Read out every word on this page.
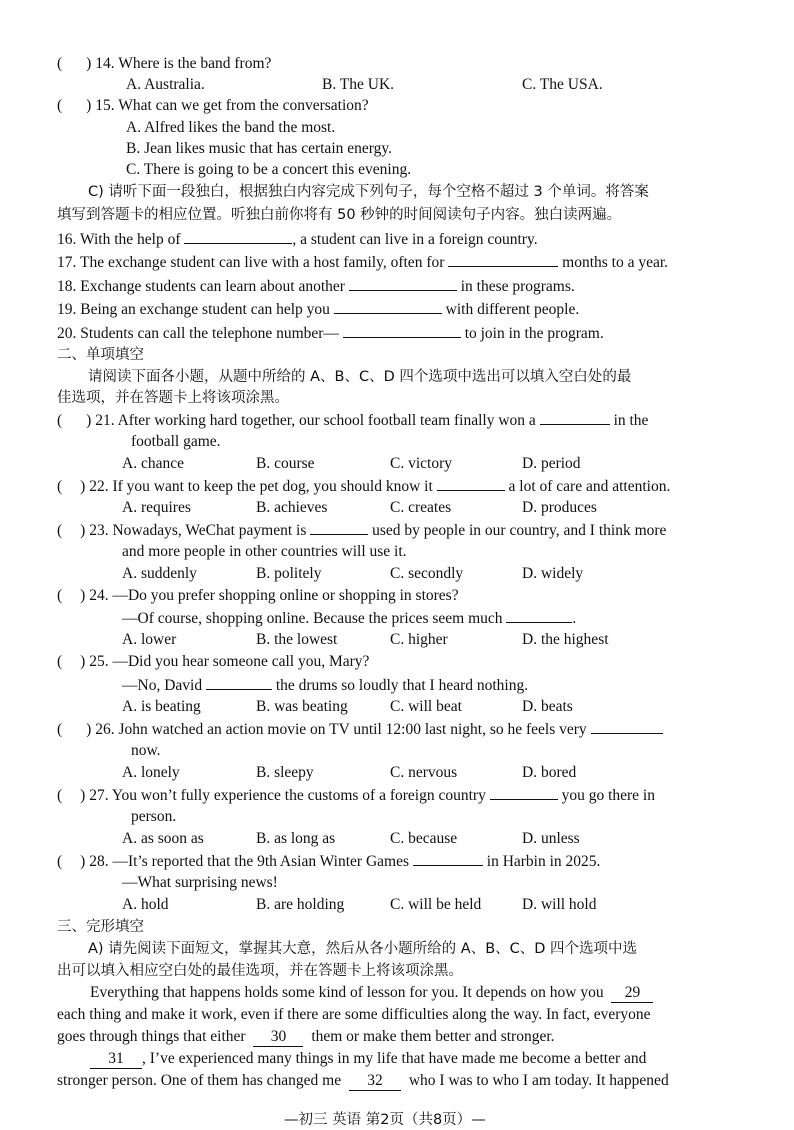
( ) 14. Where is the band from?
A. Australia.	B. The UK.	C. The USA.
( ) 15. What can we get from the conversation?
A. Alfred likes the band the most.
B. Jean likes music that has certain energy.
C. There is going to be a concert this evening.
C) 请听下面一段独白，根据独白内容完成下列句子，每个空格不超过 3 个单词。将答案
填写到答题卡的相应位置。听独白前你将有 50 秒钟的时间阅读句子内容。独白读两遍。
16. With the help of	, a student can live in a foreign country.
17. The exchange student can live with a host family, often for	months to a year.
18. Exchange students can learn about another	in these programs.
19. Being an exchange student can help you	with different people.
20. Students can call the telephone number—	to join in the program.
二、单项填空
请阅读下面各小题，从题中所给的 A、B、C、D 四个选项中选出可以填入空白处的最
佳选项，并在答题卡上将该项涂黑。
( ) 21. After working hard together, our school football team finally won a	in the
football game.
A. chance	B. course	C. victory	D. period
( ) 22. If you want to keep the pet dog, you should know it	a lot of care and attention.
A. requires	B. achieves	C. creates	D. produces
( ) 23. Nowadays, WeChat payment is	used by people in our country, and I think more
and more people in other countries will use it.
A. suddenly	B. politely	C. secondly	D. widely
( ) 24. —Do you prefer shopping online or shopping in stores?
—Of course, shopping online. Because the prices seem much	.
A. lower	B. the lowest	C. higher	D. the highest
( ) 25. —Did you hear someone call you, Mary?
—No, David	the drums so loudly that I heard nothing.
A. is beating	B. was beating	C. will beat	D. beats
( ) 26. John watched an action movie on TV until 12:00 last night, so he feels very
now.
A. lonely	B. sleepy	C. nervous	D. bored
( ) 27. You won’t fully experience the customs of a foreign country	you go there in
person.
A. as soon as	B. as long as	C. because	D. unless
( ) 28. —It’s reported that the 9th Asian Winter Games	in Harbin in 2025.
—What surprising news!
A. hold	B. are holding	C. will be held	D. will hold
三、完形填空
A) 请先阅读下面短文，掌握其大意，然后从各小题所给的 A、B、C、D 四个选项中选
出可以填入相应空白处的最佳选项，并在答题卡上将该项涂黑。
Everything that happens holds some kind of lesson for you. It depends on how you 29
each thing and make it work, even if there are some difficulties along the way. In fact, everyone
goes through things that either 30 them or make them better and stronger.
31 , I’ve experienced many things in my life that have made me become a better and
stronger person. One of them has changed me 32 who I was to who I am today. It happened
—初三 英语 第2页（共8页）—
